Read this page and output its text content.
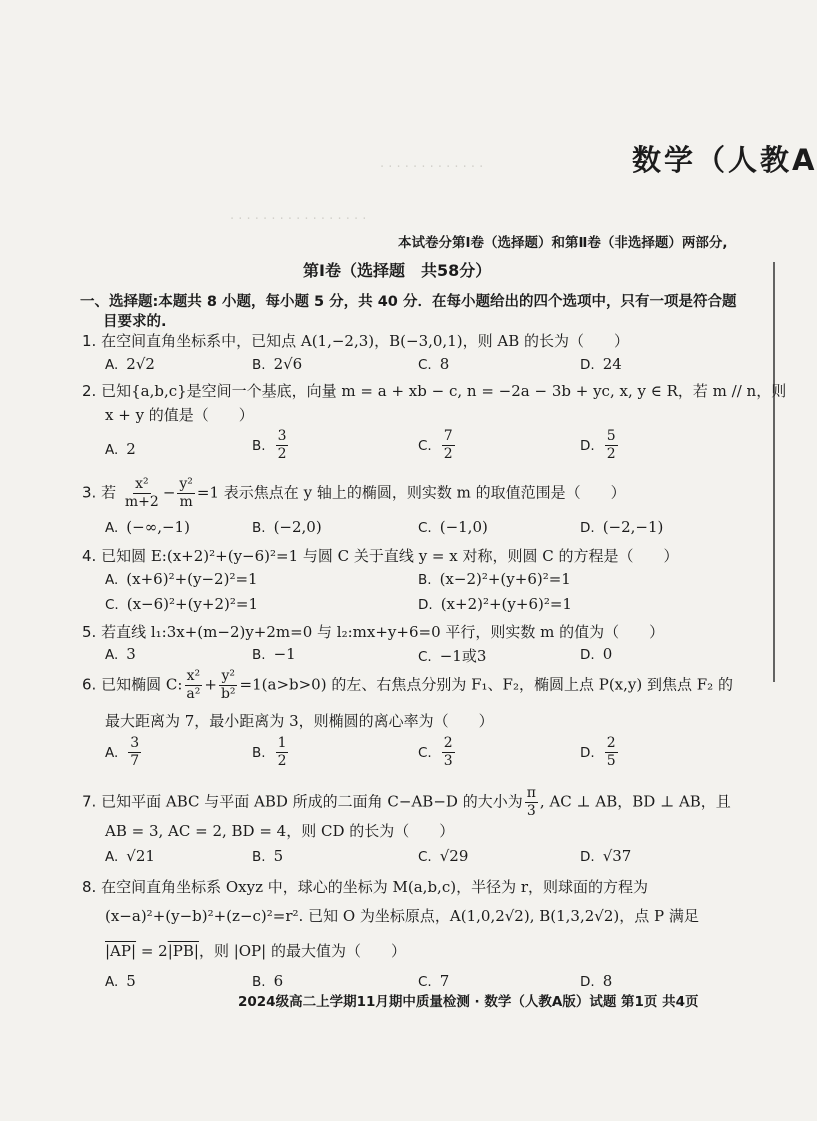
· · · · · · · · · · · · ·
· · · · · · · · · · · · · · · · ·
数学（人教A
本试卷分第Ⅰ卷（选择题）和第Ⅱ卷（非选择题）两部分,
第Ⅰ卷（选择题　共58分）
一、选择题:本题共 8 小题，每小题 5 分，共 40 分．在每小题给出的四个选项中，只有一项是符合题
目要求的.
1. 在空间直角坐标系中，已知点 A(1,−2,3)，B(−3,0,1)，则 AB 的长为（　　）
A. 2√2	B. 2√6	C. 8	D. 24
2. 已知{a,b,c}是空间一个基底，向量 m = a + xb − c, n = −2a − 3b + yc, x, y ∈ R，若 m // n，则
x + y 的值是（　　）
A. 2	B. $\frac{3}{2}$	C. $\frac{7}{2}$	D. $\frac{5}{2}$
3. 若 $\frac{\text{x²}}{m+2} - \frac{\text{y²}}{m} =1$ 表示焦点在 y 轴上的椭圆，则实数 m 的取值范围是（　　）
A. (−∞,−1)	B. (−2,0)	C. (−1,0)	D. (−2,−1)
4. 已知圆 E:(x+2)²+(y−6)²=1 与圆 C 关于直线 y = x 对称，则圆 C 的方程是（　　）
A. (x+6)²+(y−2)²=1	B. (x−2)²+(y+6)²=1
C. (x−6)²+(y+2)²=1	D. (x+2)²+(y+6)²=1
5. 若直线 l₁:3x+(m−2)y+2m=0 与 l₂:mx+y+6=0 平行，则实数 m 的值为（　　）
A. 3	B. −1	C. −1或3	D. 0
6. 已知椭圆 C: $\frac{\text{x²}}{\text{a²}} + \frac{\text{y²}}{\text{b²}} =1(a>b>0)$ 的左、右焦点分别为 F₁、F₂，椭圆上点 P(x,y) 到焦点 F₂ 的
最大距离为 7，最小距离为 3，则椭圆的离心率为（　　）
A. $\frac{3}{7}$	B. $\frac{1}{2}$	C. $\frac{2}{3}$	D. $\frac{2}{5}$
7. 已知平面 ABC 与平面 ABD 所成的二面角 C−AB−D 的大小为 $\frac{\pi}{3}$ , AC ⊥ AB，BD ⊥ AB，且
AB = 3, AC = 2, BD = 4，则 CD 的长为（　　）
A. √21	B. 5	C. √29	D. √37
8. 在空间直角坐标系 Oxyz 中，球心的坐标为 M(a,b,c)，半径为 r，则球面的方程为
(x−a)²+(y−b)²+(z−c)²=r². 已知 O 为坐标原点，A(1,0,2√2), B(1,3,2√2)，点 P 满足
|AP| = 2|PB|，则 |OP| 的最大值为（　　）
A. 5	B. 6	C. 7	D. 8
2024级高二上学期11月期中质量检测 · 数学（人教A版）试题 第1页 共4页
